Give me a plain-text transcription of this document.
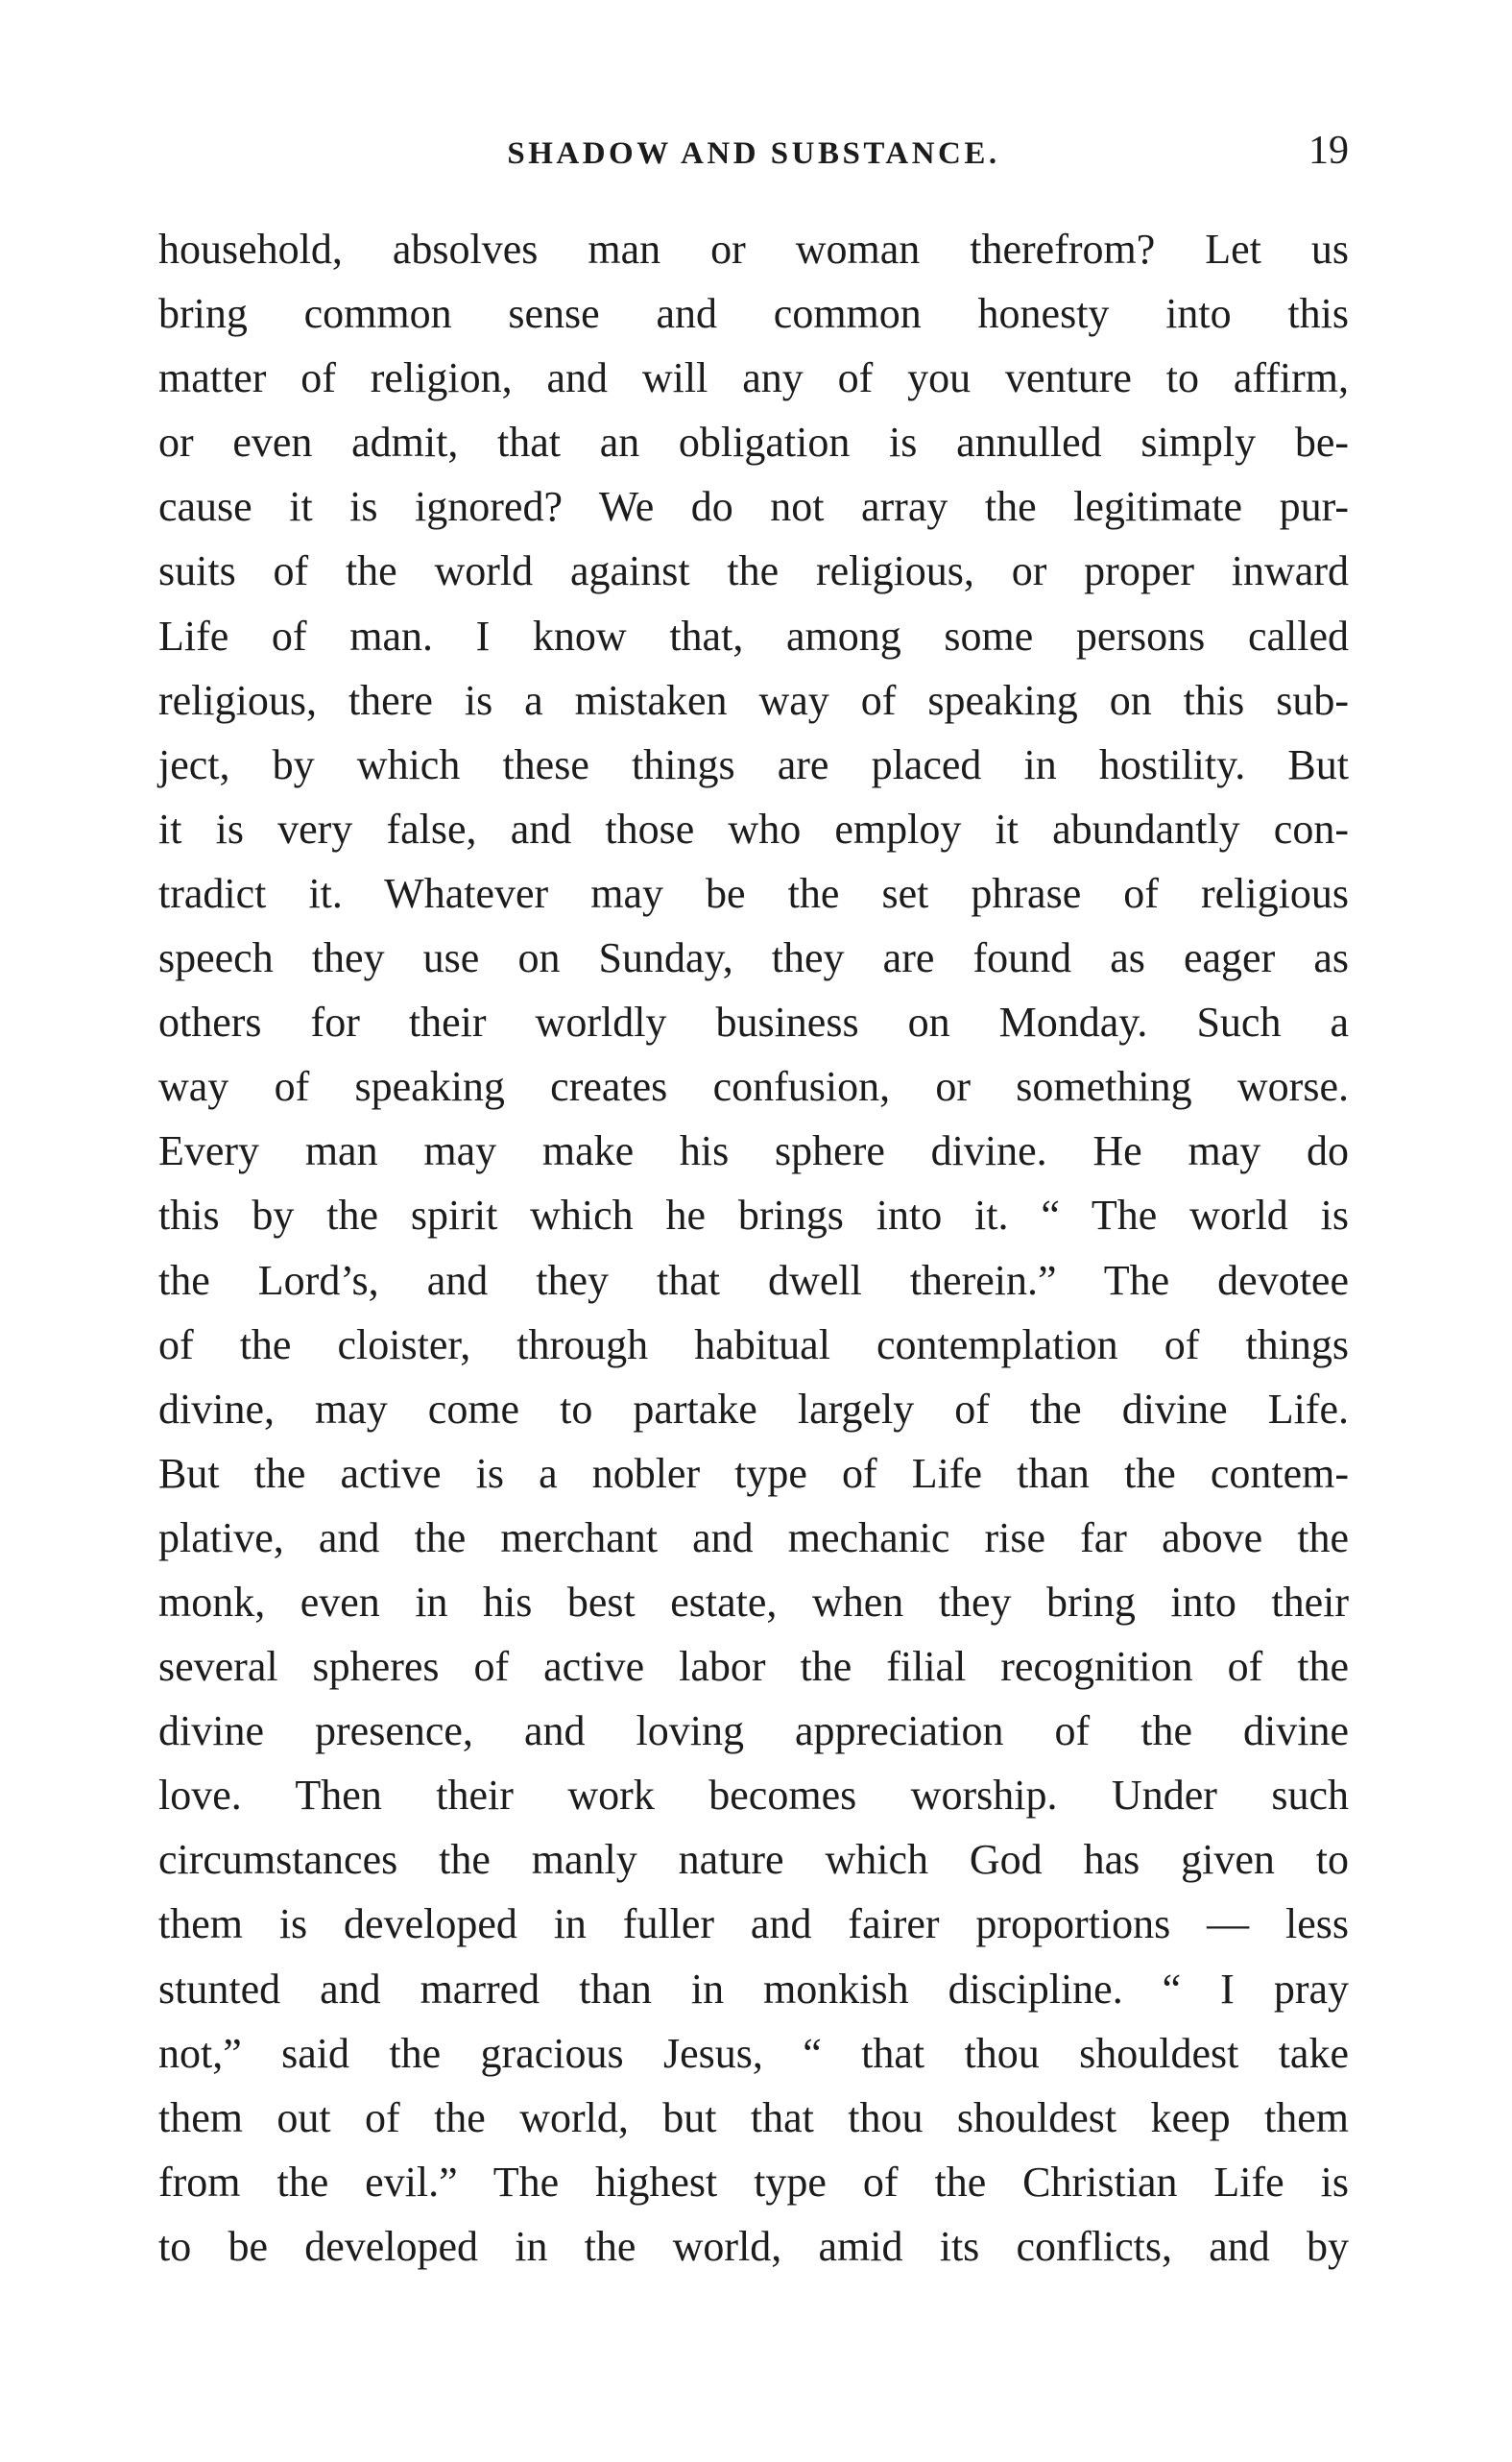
SHADOW AND SUBSTANCE.	19
household, absolves man or woman therefrom? Let us
bring common sense and common honesty into this
matter of religion, and will any of you venture to affirm,
or even admit, that an obligation is annulled simply be-
cause it is ignored? We do not array the legitimate pur-
suits of the world against the religious, or proper inward
Life of man. I know that, among some persons called
religious, there is a mistaken way of speaking on this sub-
ject, by which these things are placed in hostility. But
it is very false, and those who employ it abundantly con-
tradict it. Whatever may be the set phrase of religious
speech they use on Sunday, they are found as eager as
others for their worldly business on Monday. Such a
way of speaking creates confusion, or something worse.
Every man may make his sphere divine. He may do
this by the spirit which he brings into it. “ The world is
the Lord’s, and they that dwell therein.” The devotee
of the cloister, through habitual contemplation of things
divine, may come to partake largely of the divine Life.
But the active is a nobler type of Life than the contem-
plative, and the merchant and mechanic rise far above the
monk, even in his best estate, when they bring into their
several spheres of active labor the filial recognition of the
divine presence, and loving appreciation of the divine
love. Then their work becomes worship. Under such
circumstances the manly nature which God has given to
them is developed in fuller and fairer proportions — less
stunted and marred than in monkish discipline. “ I pray
not,” said the gracious Jesus, “ that thou shouldest take
them out of the world, but that thou shouldest keep them
from the evil.” The highest type of the Christian Life is
to be developed in the world, amid its conflicts, and by
